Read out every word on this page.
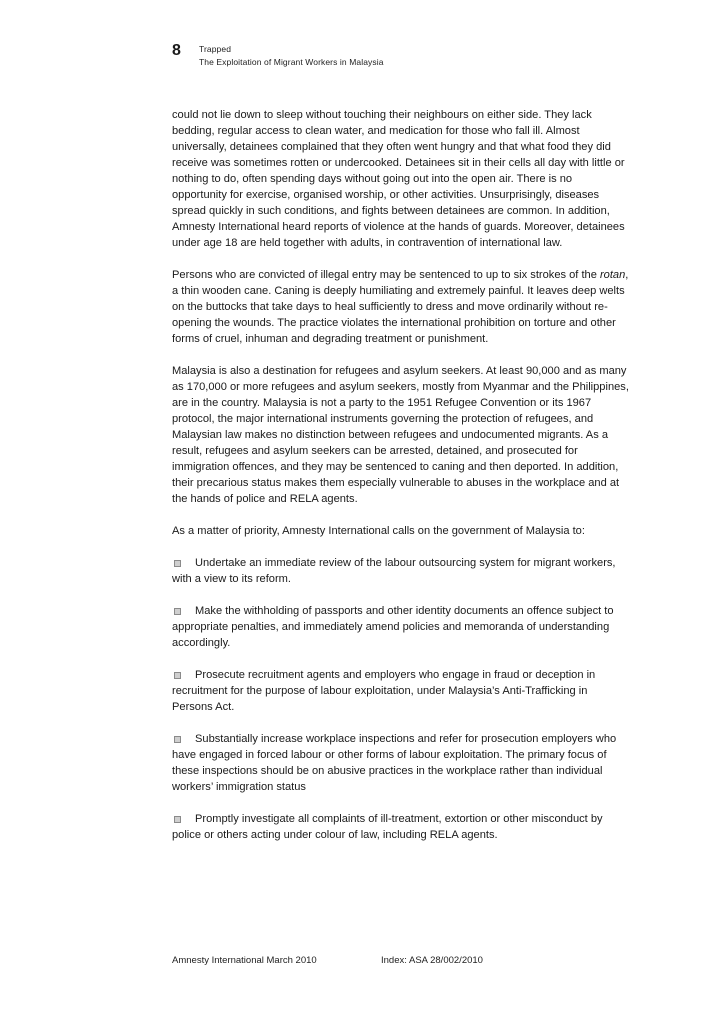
8 Trapped
The Exploitation of Migrant Workers in Malaysia

could not lie down to sleep without touching their neighbours on either side. They lack bedding, regular access to clean water, and medication for those who fall ill. Almost universally, detainees complained that they often went hungry and that what food they did receive was sometimes rotten or undercooked. Detainees sit in their cells all day with little or nothing to do, often spending days without going out into the open air. There is no opportunity for exercise, organised worship, or other activities. Unsurprisingly, diseases spread quickly in such conditions, and fights between detainees are common. In addition, Amnesty International heard reports of violence at the hands of guards. Moreover, detainees under age 18 are held together with adults, in contravention of international law.

Persons who are convicted of illegal entry may be sentenced to up to six strokes of the rotan, a thin wooden cane. Caning is deeply humiliating and extremely painful. It leaves deep welts on the buttocks that take days to heal sufficiently to dress and move ordinarily without re-opening the wounds. The practice violates the international prohibition on torture and other forms of cruel, inhuman and degrading treatment or punishment.

Malaysia is also a destination for refugees and asylum seekers. At least 90,000 and as many as 170,000 or more refugees and asylum seekers, mostly from Myanmar and the Philippines, are in the country. Malaysia is not a party to the 1951 Refugee Convention or its 1967 protocol, the major international instruments governing the protection of refugees, and Malaysian law makes no distinction between refugees and undocumented migrants. As a result, refugees and asylum seekers can be arrested, detained, and prosecuted for immigration offences, and they may be sentenced to caning and then deported. In addition, their precarious status makes them especially vulnerable to abuses in the workplace and at the hands of police and RELA agents.

As a matter of priority, Amnesty International calls on the government of Malaysia to:

Undertake an immediate review of the labour outsourcing system for migrant workers, with a view to its reform.
Make the withholding of passports and other identity documents an offence subject to appropriate penalties, and immediately amend policies and memoranda of understanding accordingly.
Prosecute recruitment agents and employers who engage in fraud or deception in recruitment for the purpose of labour exploitation, under Malaysia’s Anti-Trafficking in Persons Act.
Substantially increase workplace inspections and refer for prosecution employers who have engaged in forced labour or other forms of labour exploitation. The primary focus of these inspections should be on abusive practices in the workplace rather than individual workers’ immigration status
Promptly investigate all complaints of ill-treatment, extortion or other misconduct by police or others acting under colour of law, including RELA agents.
Amnesty International March 2010	Index: ASA 28/002/2010
